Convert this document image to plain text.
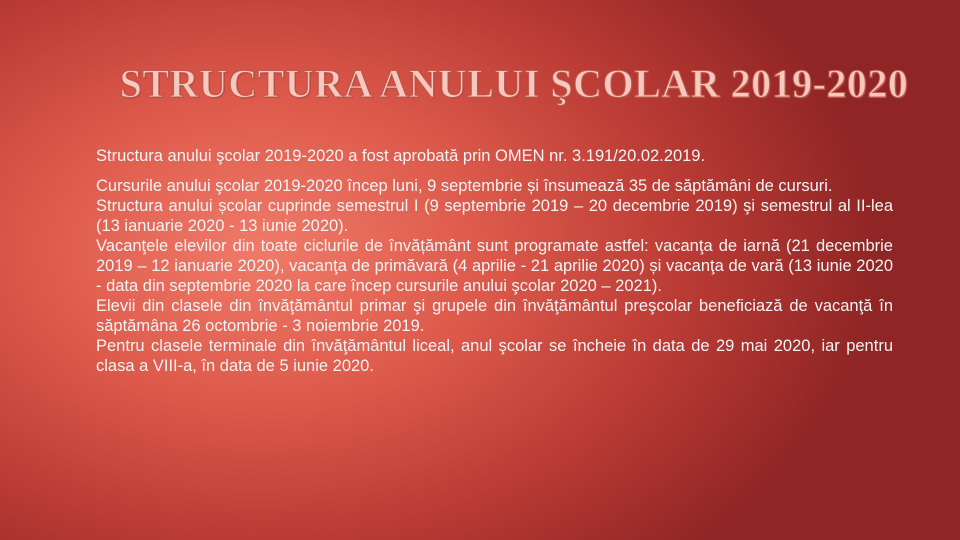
STRUCTURA ANULUI ŞCOLAR 2019-2020

Structura anului şcolar 2019-2020 a fost aprobată prin OMEN nr. 3.191/20.02.2019.

Cursurile anului şcolar 2019-2020 încep luni, 9 septembrie și însumează 35 de săptămâni de cursuri.

Structura anului școlar cuprinde semestrul I (9 septembrie 2019 – 20 decembrie 2019) şi semestrul al II-lea (13 ianuarie 2020 - 13 iunie 2020).

Vacanţele elevilor din toate ciclurile de învățământ sunt programate astfel: vacanţa de iarnă (21 decembrie 2019 – 12 ianuarie 2020), vacanţa de primăvară (4 aprilie - 21 aprilie 2020) și vacanţa de vară (13 iunie 2020 - data din septembrie 2020 la care încep cursurile anului şcolar 2020 – 2021).

Elevii din clasele din învăţământul primar şi grupele din învăţământul preşcolar beneficiază de vacanţă în săptămâna 26 octombrie - 3 noiembrie 2019.

Pentru clasele terminale din învăţământul liceal, anul şcolar se încheie în data de 29 mai 2020, iar pentru clasa a VIII-a, în data de 5 iunie 2020.
